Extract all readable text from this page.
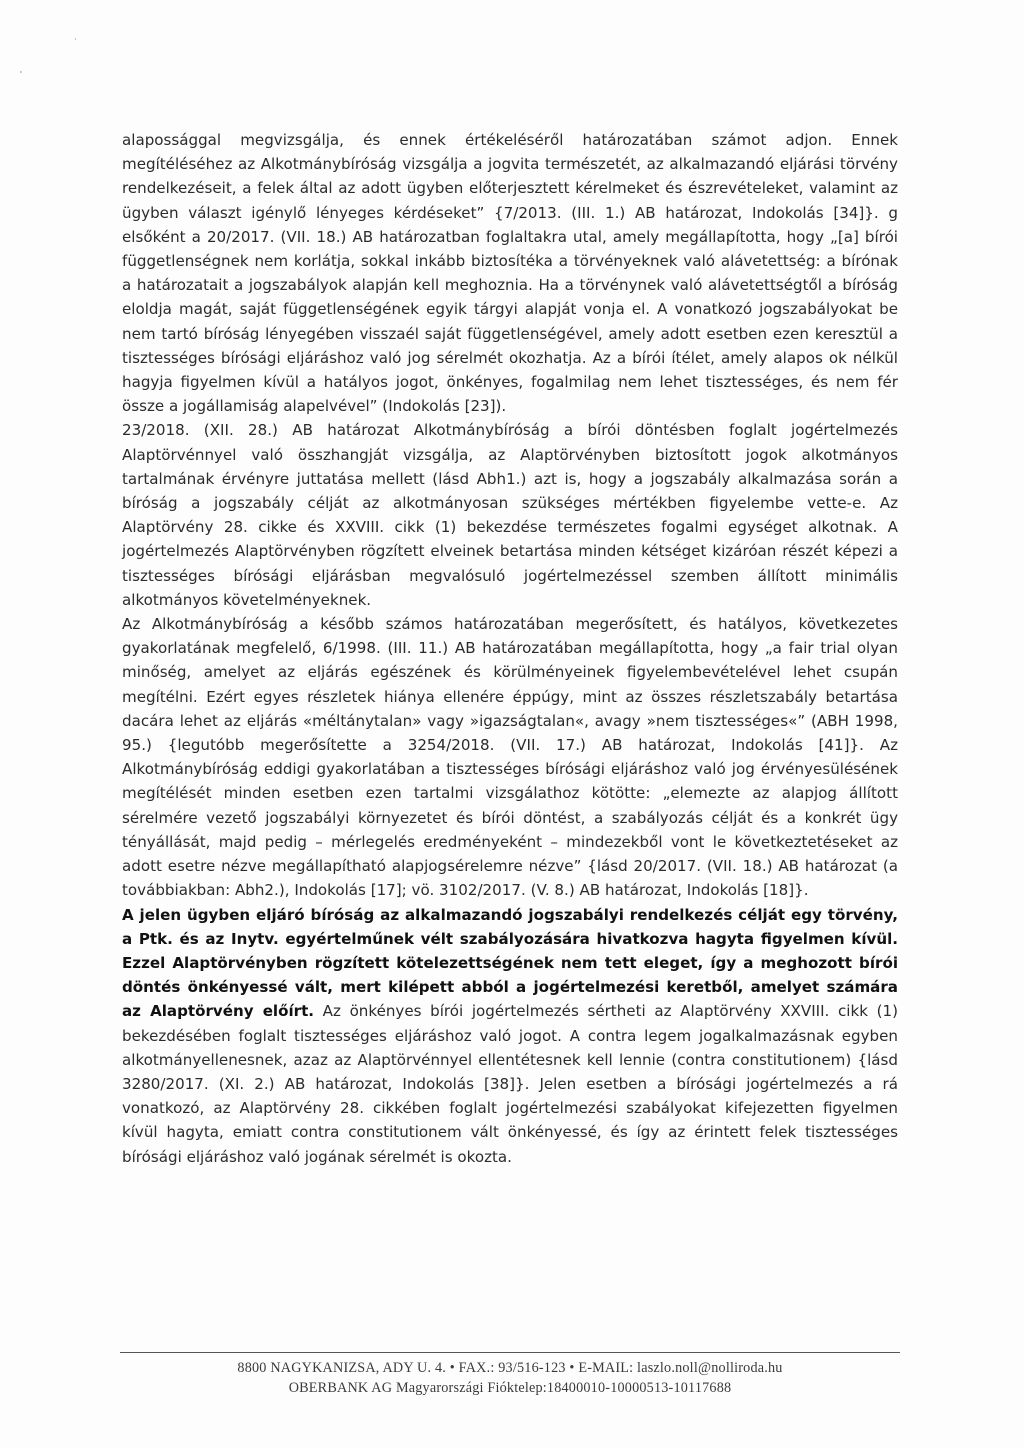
alapossággal megvizsgálja, és ennek értékeléséről határozatában számot adjon. Ennek megítéléséhez az Alkotmánybíróság vizsgálja a jogvita természetét, az alkalmazandó eljárási törvény rendelkezéseit, a felek által az adott ügyben előterjesztett kérelmeket és észrevételeket, valamint az ügyben választ igénylő lényeges kérdéseket” {7/2013. (III. 1.) AB határozat, Indokolás [34]}. g elsőként a 20/2017. (VII. 18.) AB határozatban foglaltakra utal, amely megállapította, hogy „[a] bírói függetlenségnek nem korlátja, sokkal inkább biztosítéka a törvényeknek való alávetettség: a bírónak a határozatait a jogszabályok alapján kell meghoznia. Ha a törvénynek való alávetettségtől a bíróság eloldja magát, saját függetlenségének egyik tárgyi alapját vonja el. A vonatkozó jogszabályokat be nem tartó bíróság lényegében visszаél saját függetlenségével, amely adott esetben ezen keresztül a tisztességes bírósági eljáráshoz való jog sérelmét okozhatja. Az a bírói ítélet, amely alapos ok nélkül hagyja figyelmen kívül a hatályos jogot, önkényes, fogalmilag nem lehet tisztességes, és nem fér össze a jogállamiság alapelvével” (Indokolás [23]).

23/2018. (XII. 28.) AB határozat Alkotmánybíróság a bírói döntésben foglalt jogértelmezés Alaptörvénnyel való összhangját vizsgálja, az Alaptörvényben biztosított jogok alkotmányos tartalmának érvényre juttatása mellett (lásd Abh1.) azt is, hogy a jogszabály alkalmazása során a bíróság a jogszabály célját az alkotmányosan szükséges mértékben figyelembe vette-e. Az Alaptörvény 28. cikke és XXVIII. cikk (1) bekezdése természetes fogalmi egységet alkotnak. A jogértelmezés Alaptörvényben rögzített elveinek betartása minden kétséget kizáróan részét képezi a tisztességes bírósági eljárásban megvalósuló jogértelmezéssel szemben állított minimális alkotmányos követelményeknek.

Az Alkotmánybíróság a később számos határozatában megerősített, és hatályos, következetes gyakorlatának megfelelő, 6/1998. (III. 11.) AB határozatában megállapította, hogy „a fair trial olyan minőség, amelyet az eljárás egészének és körülményeinek figyelembevételével lehet csupán megítélni. Ezért egyes részletek hiánya ellenére éppúgy, mint az összes részletszabály betartása dacára lehet az eljárás «méltánytalan» vagy »igazságtalan«, avagy »nem tisztességes«” (ABH 1998, 95.) {legutóbb megerősítette a 3254/2018. (VII. 17.) AB határozat, Indokolás [41]}. Az Alkotmánybíróság eddigi gyakorlatában a tisztességes bírósági eljáráshoz való jog érvényesülésének megítélését minden esetben ezen tartalmi vizsgálathoz kötötte: „elemezte az alapjog állított sérelmére vezető jogszabályi környezetet és bírói döntést, a szabályozás célját és a konkrét ügy tényállását, majd pedig – mérlegelés eredményeként – mindezekből vont le következtetéseket az adott esetre nézve megállapítható alapjogsérelemre nézve” {lásd 20/2017. (VII. 18.) AB határozat (a továbbiakban: Abh2.), Indokolás [17]; vö. 3102/2017. (V. 8.) AB határozat, Indokolás [18]}.

A jelen ügyben eljáró bíróság az alkalmazandó jogszabályi rendelkezés célját egy törvény, a Ptk. és az Inytv. egyértelműnek vélt szabályozására hivatkozva hagyta figyelmen kívül. Ezzel Alaptörvényben rögzített kötelezettségének nem tett eleget, így a meghozott bírói döntés önkényessé vált, mert kilépett abból a jogértelmezési keretből, amelyet számára az Alaptörvény előírt. Az önkényes bírói jogértelmezés sértheti az Alaptörvény XXVIII. cikk (1) bekezdésében foglalt tisztességes eljáráshoz való jogot. A contra legem jogalkalmazásnak egyben alkotmányellenesnek, azaz az Alaptörvénnyel ellentétesnek kell lennie (contra constitutionem) {lásd 3280/2017. (XI. 2.) AB határozat, Indokolás [38]}. Jelen esetben a bírósági jogértelmezés a rá vonatkozó, az Alaptörvény 28. cikkében foglalt jogértelmezési szabályokat kifejezetten figyelmen kívül hagyta, emiatt contra constitutionem vált önkényessé, és így az érintett felek tisztességes bírósági eljáráshoz való jogának sérelmét is okozta.

8800 NAGYKANIZSA, ADY U. 4. • FAX.: 93/516-123 • E-MAIL: laszlo.noll@nolliroda.hu
OBERBANK AG Magyarországi Fióktelep:18400010-10000513-10117688
